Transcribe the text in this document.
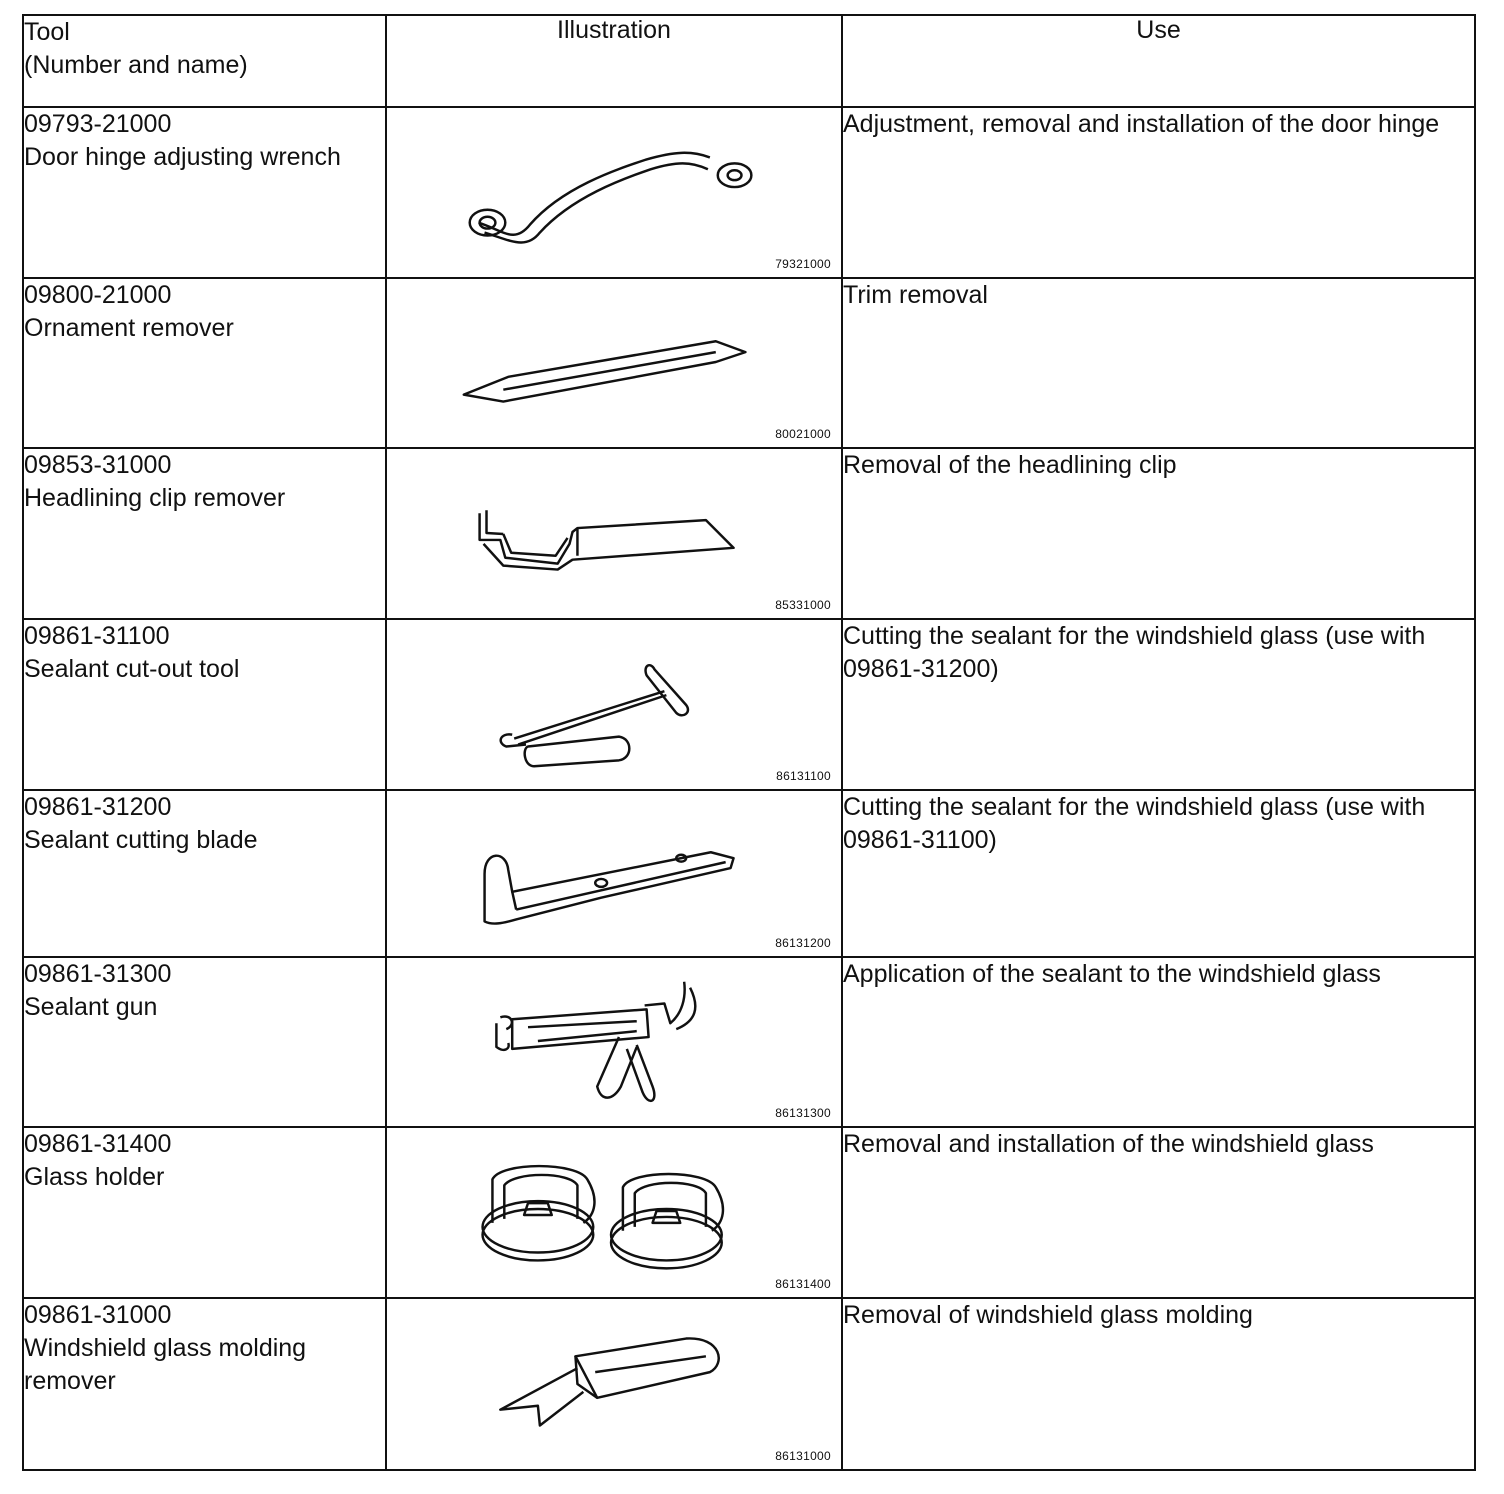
Tool
(Number and name)	Illustration	Use

09793-21000
Door hinge adjusting wrench	79321000	Adjustment, removal and installation of the door hinge

09800-21000
Ornament remover	80021000	Trim removal

09853-31000
Headlining clip remover	85331000	Removal of the headlining clip

09861-31100
Sealant cut-out tool	86131100	Cutting the sealant for the windshield glass (use with 09861-31200)

09861-31200
Sealant cutting blade	86131200	Cutting the sealant for the windshield glass (use with 09861-31100)

09861-31300
Sealant gun	86131300	Application of the sealant to the windshield glass

09861-31400
Glass holder	86131400	Removal and installation of the windshield glass

09861-31000
Windshield glass molding remover	86131000	Removal of windshield glass molding
